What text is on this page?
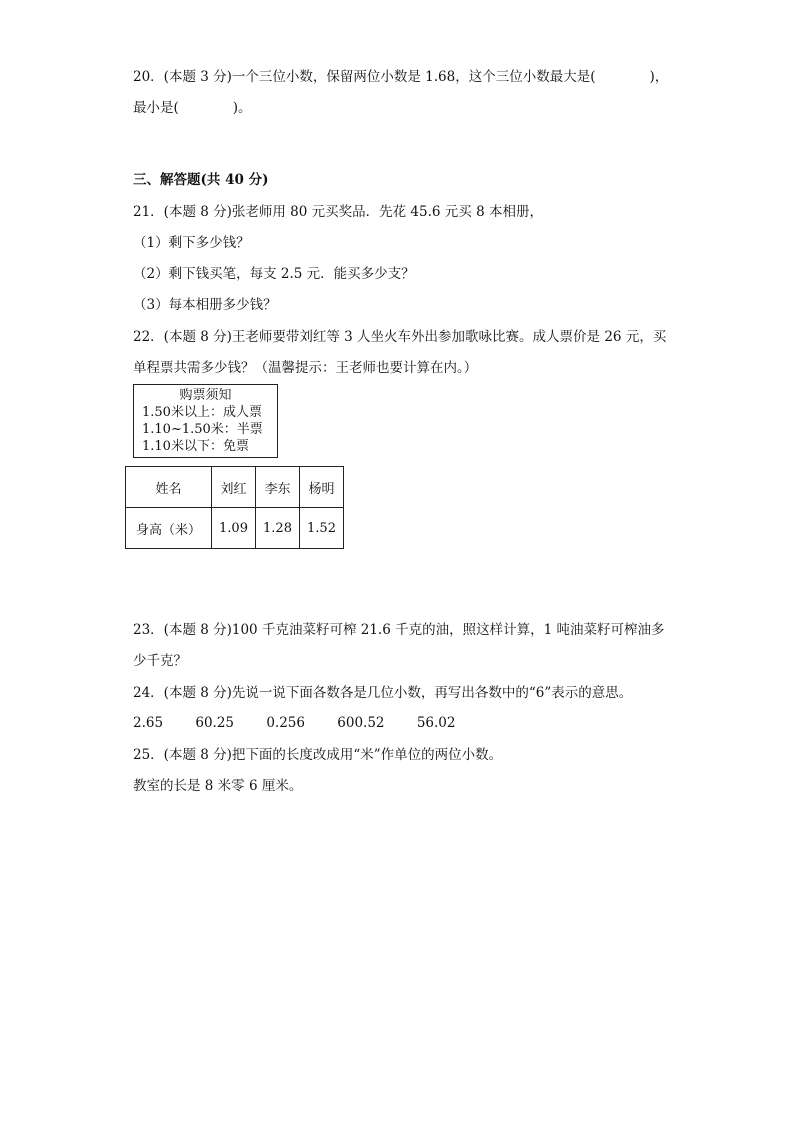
20．(本题 3 分)一个三位小数，保留两位小数是 1.68，这个三位小数最大是(　　　　)，

最小是(　　　　)。

三、解答题(共 40 分)

21．(本题 8 分)张老师用 80 元买奖品．先花 45.6 元买 8 本相册，

（1）剩下多少钱？

（2）剩下钱买笔，每支 2.5 元．能买多少支？

（3）每本相册多少钱？

22．(本题 8 分)王老师要带刘红等 3 人坐火车外出参加歌咏比赛。成人票价是 26 元，买

单程票共需多少钱？（温馨提示：王老师也要计算在内。）

购票须知
1.50米以上：成人票
1.10~1.50米：半票
1.10米以下：免票
姓名	刘红	李东	杨明
身高（米）	1.09	1.28	1.52

23．(本题 8 分)100 千克油菜籽可榨 21.6 千克的油，照这样计算，1 吨油菜籽可榨油多

少千克？

24．(本题 8 分)先说一说下面各数各是几位小数，再写出各数中的“6”表示的意思。

2.65 60.25 0.256 600.52 56.02

25．(本题 8 分)把下面的长度改成用“米”作单位的两位小数。

教室的长是 8 米零 6 厘米。
